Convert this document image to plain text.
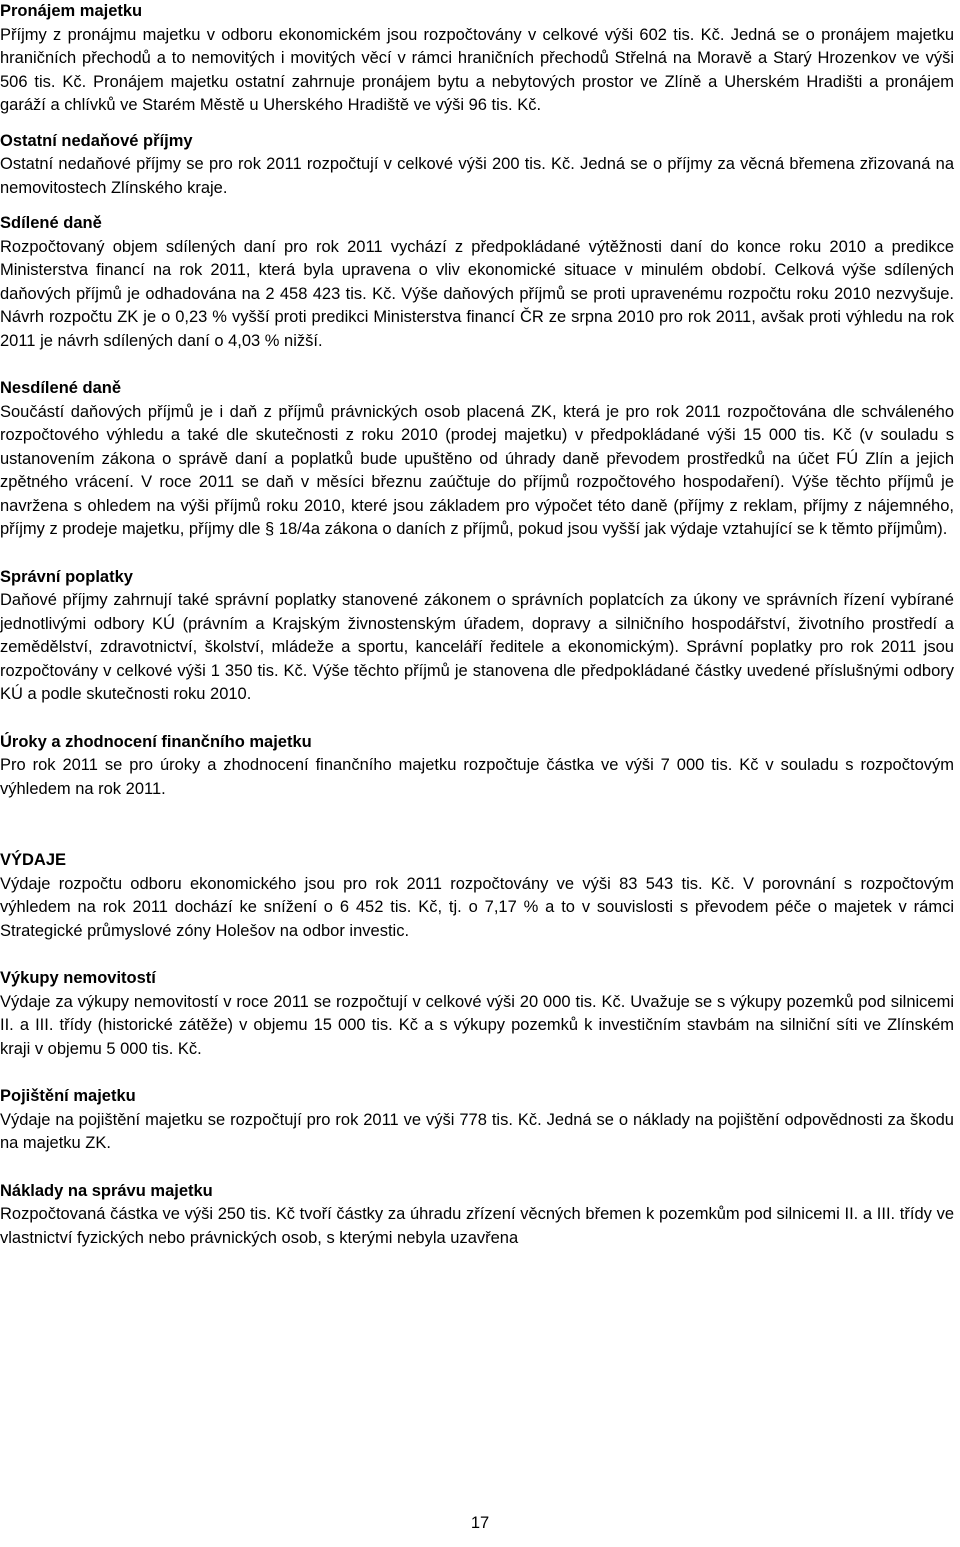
Pronájem majetku

Příjmy z pronájmu majetku v odboru ekonomickém jsou rozpočtovány v celkové výši 602 tis. Kč. Jedná se o pronájem majetku hraničních přechodů a to nemovitých i movitých věcí v rámci hraničních přechodů Střelná na Moravě a Starý Hrozenkov ve výši 506 tis. Kč. Pronájem majetku ostatní zahrnuje pronájem bytu a nebytových prostor ve Zlíně a Uherském Hradišti a pronájem garáží a chlívků ve Starém Městě u Uherského Hradiště ve výši 96 tis. Kč.

Ostatní nedaňové příjmy

Ostatní nedaňové příjmy se pro rok 2011 rozpočtují v celkové výši 200 tis. Kč. Jedná se o příjmy za věcná břemena zřizovaná na nemovitostech Zlínského kraje.

Sdílené daně

Rozpočtovaný objem sdílených daní pro rok 2011 vychází z předpokládané výtěžnosti daní do konce roku 2010 a predikce Ministerstva financí na rok 2011, která byla upravena o vliv ekonomické situace v minulém období. Celková výše sdílených daňových příjmů je odhadována na 2 458 423 tis. Kč. Výše daňových příjmů se proti upravenému rozpočtu roku 2010 nezvyšuje. Návrh rozpočtu ZK je o 0,23 % vyšší proti predikci Ministerstva financí ČR ze srpna 2010 pro rok 2011, avšak proti výhledu na rok 2011 je návrh sdílených daní o 4,03 % nižší.

Nesdílené daně

Součástí daňových příjmů je i daň z příjmů právnických osob placená ZK, která je pro rok 2011 rozpočtována dle schváleného rozpočtového výhledu a také dle skutečnosti z roku 2010 (prodej majetku) v předpokládané výši 15 000 tis. Kč (v souladu s ustanovením zákona o správě daní a poplatků bude upuštěno od úhrady daně převodem prostředků na účet FÚ Zlín a jejich zpětného vrácení. V roce 2011 se daň v měsíci březnu zaúčtuje do příjmů rozpočtového hospodaření). Výše těchto příjmů je navržena s ohledem na výši příjmů roku 2010, které jsou základem pro výpočet této daně (příjmy z reklam, příjmy z nájemného, příjmy z prodeje majetku, příjmy dle § 18/4a zákona o daních z příjmů, pokud jsou vyšší jak výdaje vztahující se k těmto příjmům).

Správní poplatky

Daňové příjmy zahrnují také správní poplatky stanovené zákonem o správních poplatcích za úkony ve správních řízení vybírané jednotlivými odbory KÚ (právním a Krajským živnostenským úřadem, dopravy a silničního hospodářství, životního prostředí a zemědělství, zdravotnictví, školství, mládeže a sportu, kanceláří ředitele a ekonomickým). Správní poplatky pro rok 2011 jsou rozpočtovány v celkové výši 1 350 tis. Kč. Výše těchto příjmů je stanovena dle předpokládané částky uvedené příslušnými odbory KÚ a podle skutečnosti roku 2010.

Úroky a zhodnocení finančního majetku

Pro rok 2011 se pro úroky a zhodnocení finančního majetku rozpočtuje částka ve výši 7 000 tis. Kč v souladu s rozpočtovým výhledem na rok 2011.

VÝDAJE

Výdaje rozpočtu odboru ekonomického jsou pro rok 2011 rozpočtovány ve výši 83 543 tis. Kč. V porovnání s rozpočtovým výhledem na rok 2011 dochází ke snížení o 6 452 tis. Kč, tj. o 7,17 % a to v souvislosti s převodem péče o majetek v rámci Strategické průmyslové zóny Holešov na odbor investic.

Výkupy nemovitostí

Výdaje za výkupy nemovitostí v roce 2011 se rozpočtují v celkové výši 20 000 tis. Kč. Uvažuje se s výkupy pozemků pod silnicemi II. a III. třídy (historické zátěže) v objemu 15 000 tis. Kč a s výkupy pozemků k investičním stavbám na silniční síti ve Zlínském kraji v objemu 5 000 tis. Kč.

Pojištění majetku

Výdaje na pojištění majetku se rozpočtují pro rok 2011 ve výši 778 tis. Kč. Jedná se o náklady na pojištění odpovědnosti za škodu na majetku ZK.

Náklady na správu majetku

Rozpočtovaná částka ve výši 250 tis. Kč tvoří částky za úhradu zřízení věcných břemen k pozemkům pod silnicemi II. a III. třídy ve vlastnictví fyzických nebo právnických osob, s kterými nebyla uzavřena

17
